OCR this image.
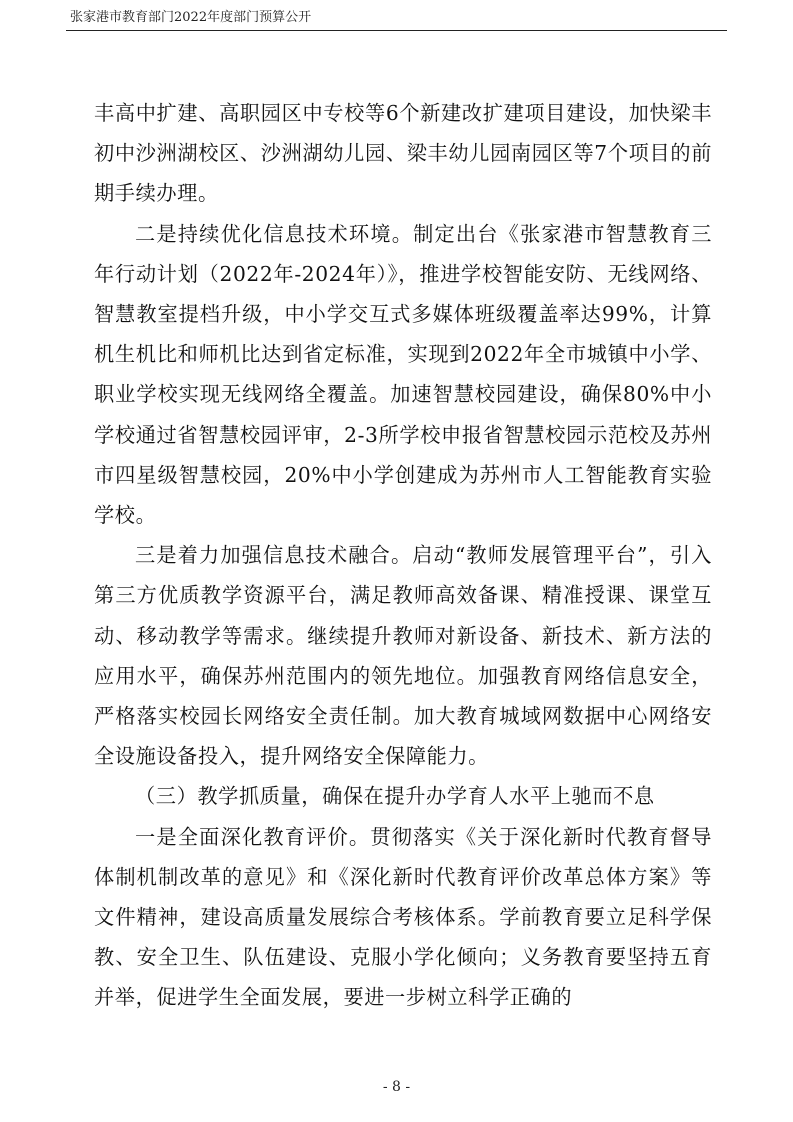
张家港市教育部门2022年度部门预算公开

丰高中扩建、高职园区中专校等6个新建改扩建项目建设，加快梁丰初中沙洲湖校区、沙洲湖幼儿园、梁丰幼儿园南园区等7个项目的前期手续办理。

二是持续优化信息技术环境。制定出台《张家港市智慧教育三年行动计划（2022年-2024年）》，推进学校智能安防、无线网络、智慧教室提档升级，中小学交互式多媒体班级覆盖率达99%，计算机生机比和师机比达到省定标准，实现到2022年全市城镇中小学、职业学校实现无线网络全覆盖。加速智慧校园建设，确保80%中小学校通过省智慧校园评审，2-3所学校申报省智慧校园示范校及苏州市四星级智慧校园，20%中小学创建成为苏州市人工智能教育实验学校。

三是着力加强信息技术融合。启动“教师发展管理平台”，引入第三方优质教学资源平台，满足教师高效备课、精准授课、课堂互动、移动教学等需求。继续提升教师对新设备、新技术、新方法的应用水平，确保苏州范围内的领先地位。加强教育网络信息安全，严格落实校园长网络安全责任制。加大教育城域网数据中心网络安全设施设备投入，提升网络安全保障能力。

（三）教学抓质量，确保在提升办学育人水平上驰而不息

一是全面深化教育评价。贯彻落实《关于深化新时代教育督导体制机制改革的意见》和《深化新时代教育评价改革总体方案》等文件精神，建设高质量发展综合考核体系。学前教育要立足科学保教、安全卫生、队伍建设、克服小学化倾向；义务教育要坚持五育并举，促进学生全面发展，要进一步树立科学正确的

- 8 -
